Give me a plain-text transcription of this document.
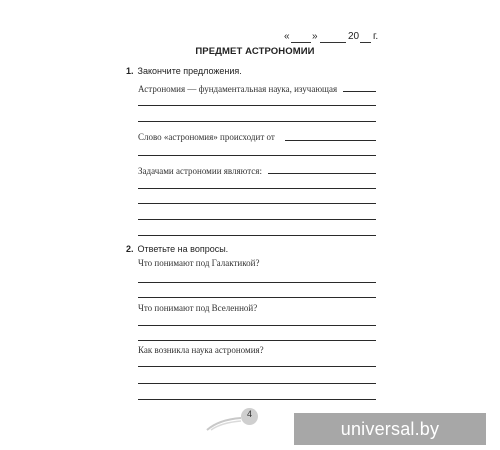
« »	20 г.
ПРЕДМЕТ АСТРОНОМИИ
1. Закончите предложения.
Астрономия — фундаментальная наука, изучающая
Слово «астрономия» происходит от
Задачами астрономии являются:
2. Ответьте на вопросы.
Что понимают под Галактикой?
Что понимают под Вселенной?
Как возникла наука астрономия?
4
universal.by
